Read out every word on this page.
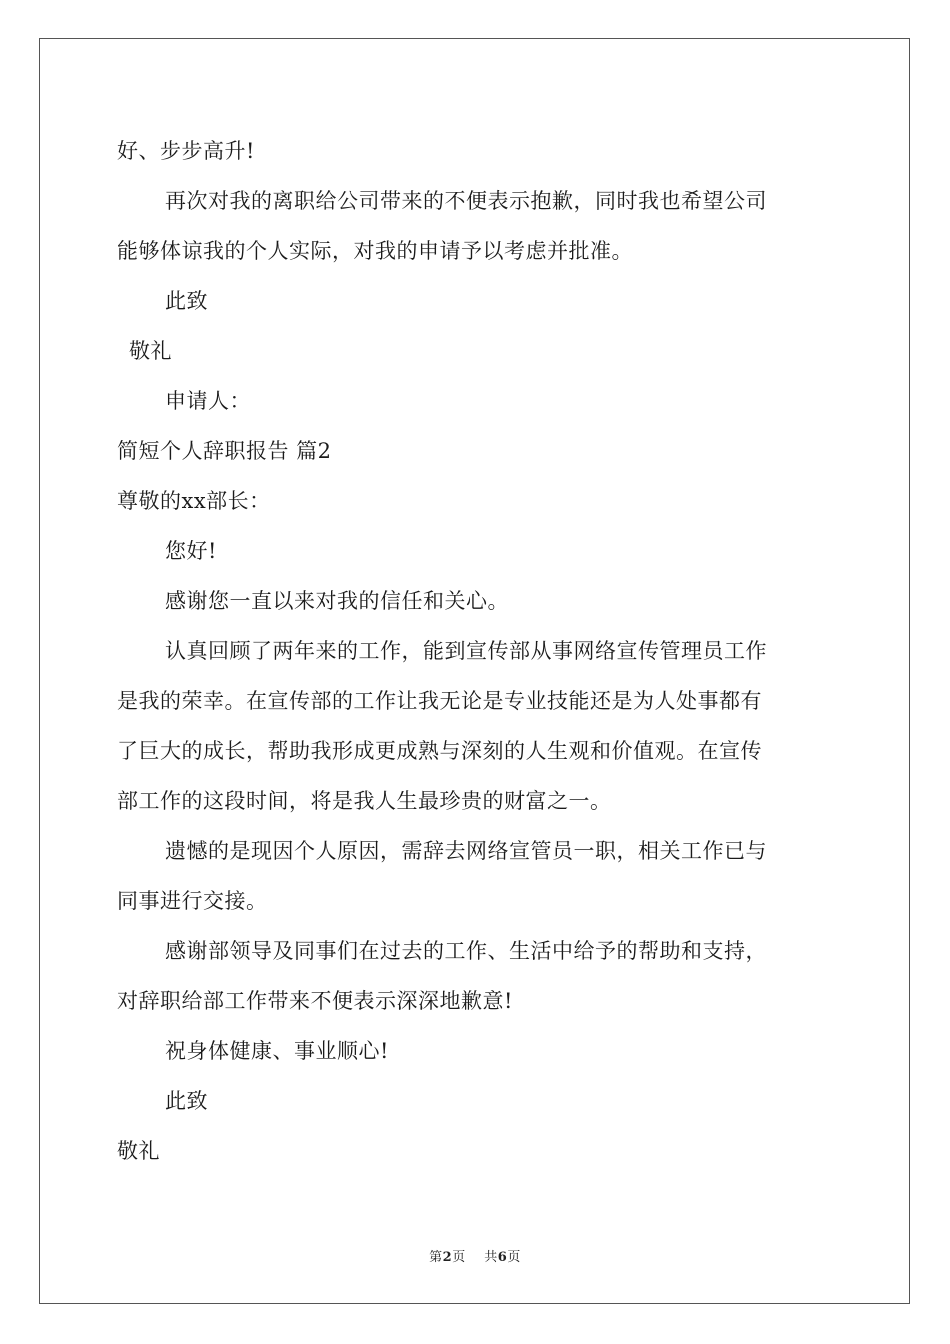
好、步步高升!
再次对我的离职给公司带来的不便表示抱歉，同时我也希望公司
能够体谅我的个人实际，对我的申请予以考虑并批准。
此致
敬礼
申请人：
简短个人辞职报告 篇2
尊敬的xx部长：
您好!
感谢您一直以来对我的信任和关心。
认真回顾了两年来的工作，能到宣传部从事网络宣传管理员工作
是我的荣幸。在宣传部的工作让我无论是专业技能还是为人处事都有
了巨大的成长，帮助我形成更成熟与深刻的人生观和价值观。在宣传
部工作的这段时间，将是我人生最珍贵的财富之一。
遗憾的是现因个人原因，需辞去网络宣管员一职，相关工作已与
同事进行交接。
感谢部领导及同事们在过去的工作、生活中给予的帮助和支持，
对辞职给部工作带来不便表示深深地歉意!
祝身体健康、事业顺心!
此致
敬礼
第2页 共6页
